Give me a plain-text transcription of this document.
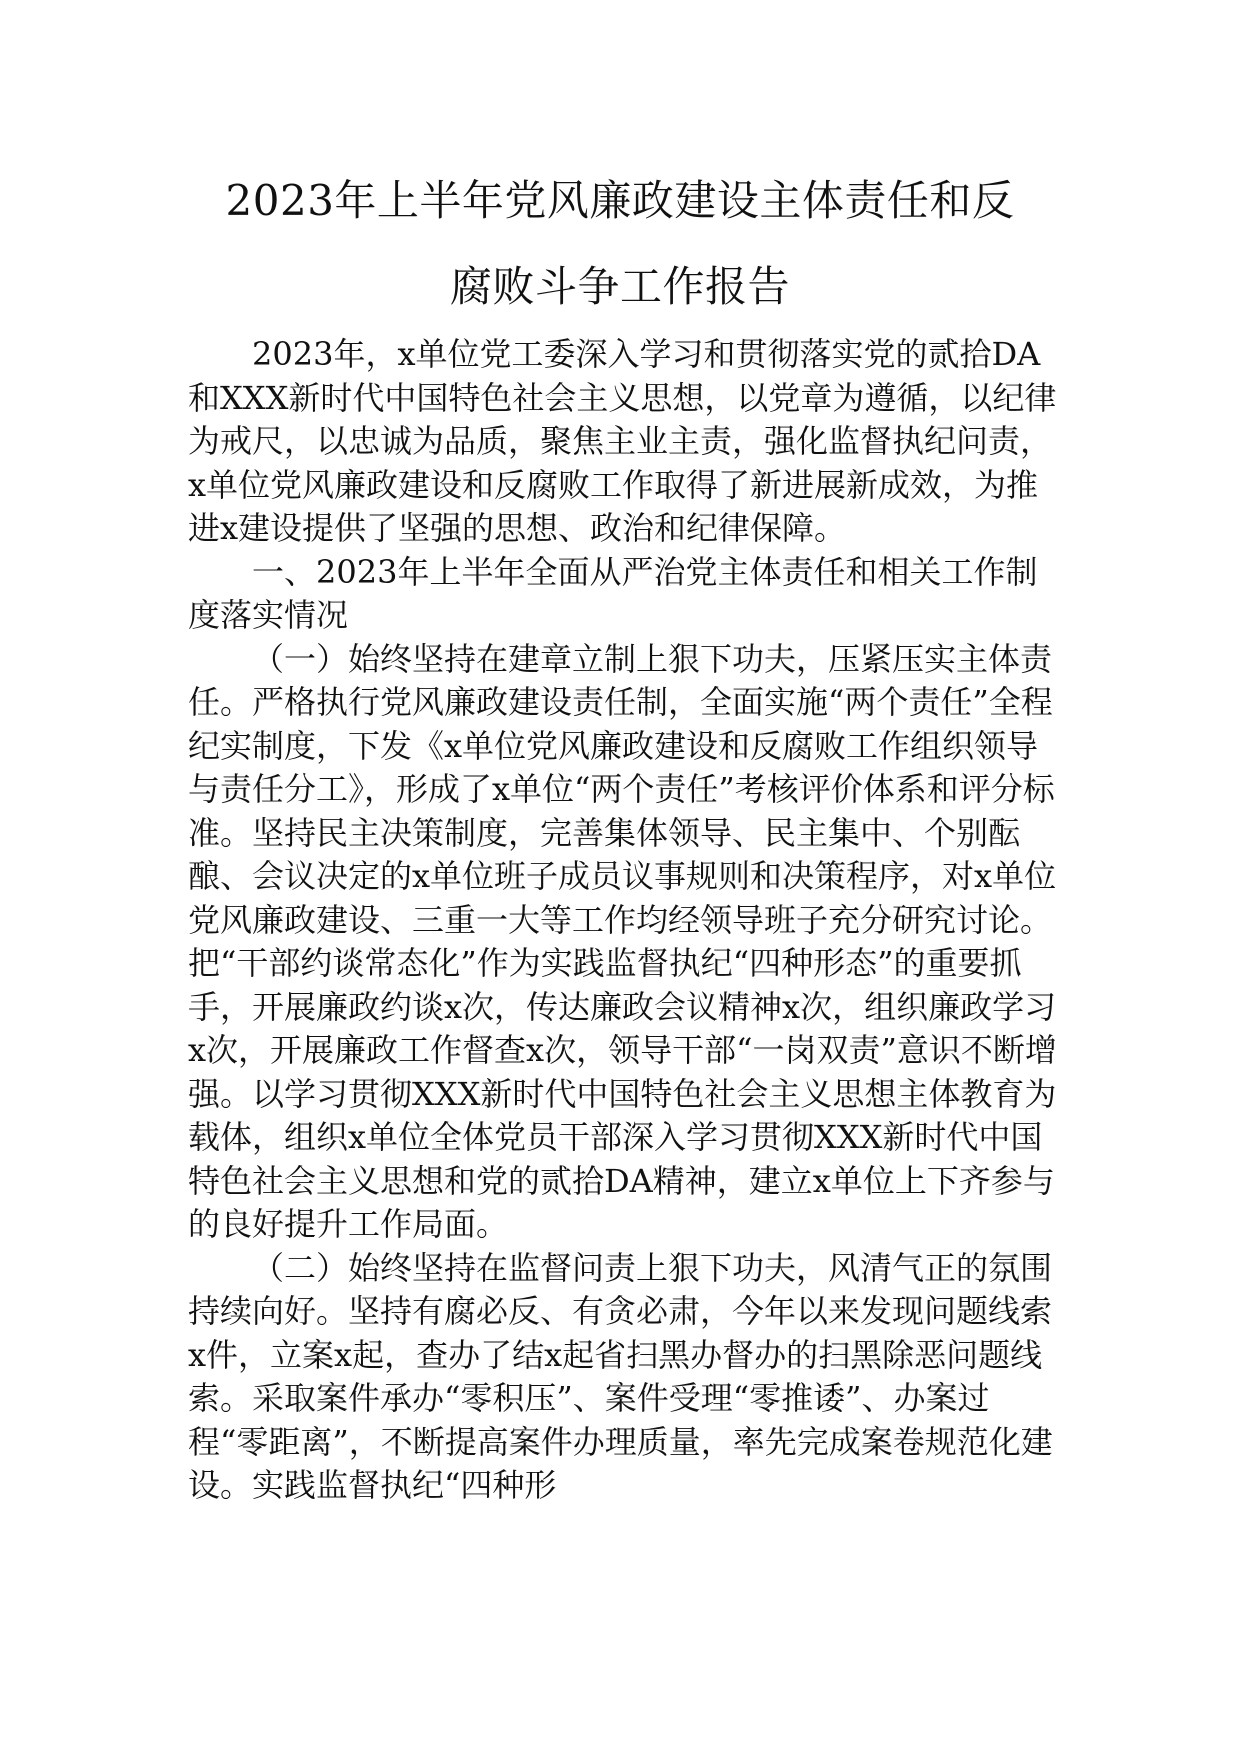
2023年上半年党风廉政建设主体责任和反
腐败斗争工作报告

2023年，x单位党工委深入学习和贯彻落实党的贰拾DA和XXX新时代中国特色社会主义思想，以党章为遵循，以纪律为戒尺，以忠诚为品质，聚焦主业主责，强化监督执纪问责，x单位党风廉政建设和反腐败工作取得了新进展新成效，为推进x建设提供了坚强的思想、政治和纪律保障。

一、2023年上半年全面从严治党主体责任和相关工作制度落实情况

（一）始终坚持在建章立制上狠下功夫，压紧压实主体责任。严格执行党风廉政建设责任制，全面实施“两个责任”全程纪实制度，下发《x单位党风廉政建设和反腐败工作组织领导与责任分工》，形成了x单位“两个责任”考核评价体系和评分标准。坚持民主决策制度，完善集体领导、民主集中、个别酝酿、会议决定的x单位班子成员议事规则和决策程序，对x单位党风廉政建设、三重一大等工作均经领导班子充分研究讨论。把“干部约谈常态化”作为实践监督执纪“四种形态”的重要抓手，开展廉政约谈x次，传达廉政会议精神x次，组织廉政学习x次，开展廉政工作督查x次，领导干部“一岗双责”意识不断增强。以学习贯彻XXX新时代中国特色社会主义思想主体教育为载体，组织x单位全体党员干部深入学习贯彻XXX新时代中国特色社会主义思想和党的贰拾DA精神，建立x单位上下齐参与的良好提升工作局面。

（二）始终坚持在监督问责上狠下功夫，风清气正的氛围持续向好。坚持有腐必反、有贪必肃，今年以来发现问题线索x件，立案x起，查办了结x起省扫黑办督办的扫黑除恶问题线索。采取案件承办“零积压”、案件受理“零推诿”、办案过程“零距离”，不断提高案件办理质量，率先完成案卷规范化建设。实践监督执纪“四种形
